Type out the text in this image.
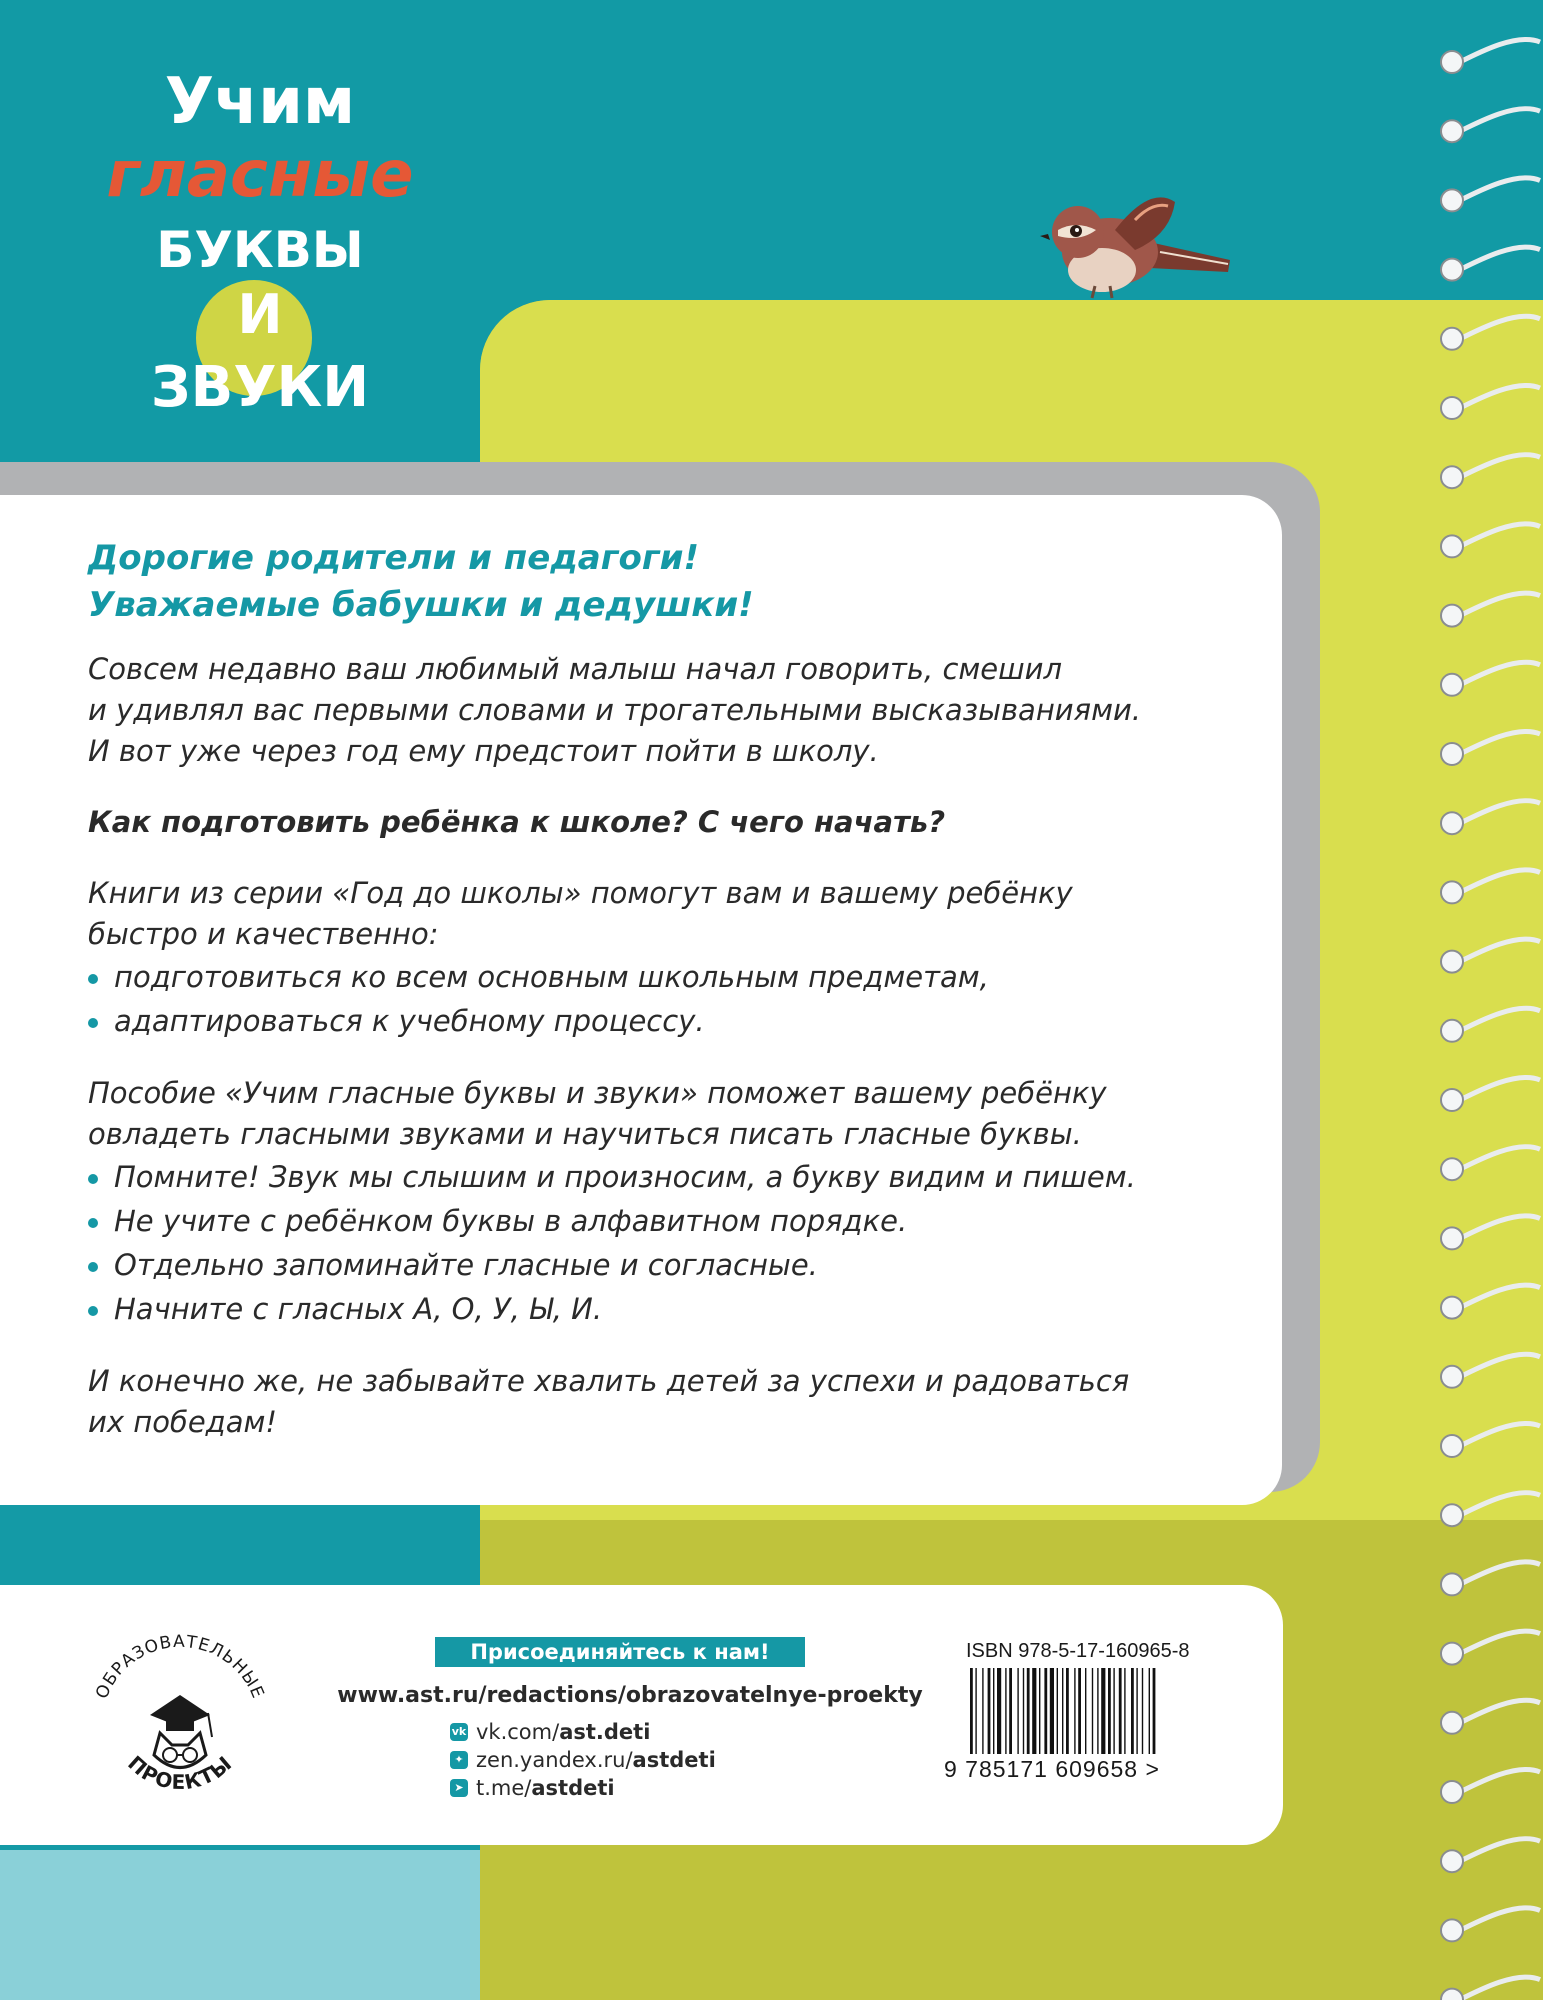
Учим
гласные
БУКВЫ
И
ЗВУКИ
Дорогие родители и педагоги!
Уважаемые бабушки и дедушки!
Совсем недавно ваш любимый малыш начал говорить, смешил
и удивлял вас первыми словами и трогательными высказываниями.
И вот уже через год ему предстоит пойти в школу.
Как подготовить ребёнка к школе? С чего начать?
Книги из серии «Год до школы» помогут вам и вашему ребёнку
быстро и качественно:
подготовиться ко всем основным школьным предметам,
адаптироваться к учебному процессу.
Пособие «Учим гласные буквы и звуки» поможет вашему ребёнку
овладеть гласными звуками и научиться писать гласные буквы.
Помните! Звук мы слышим и произносим, а букву видим и пишем.
Не учите с ребёнком буквы в алфавитном порядке.
Отдельно запоминайте гласные и согласные.
Начните с гласных А, О, У, Ы, И.
И конечно же, не забывайте хвалить детей за успехи и радоваться
их победам!
ОБРАЗОВАТЕЛЬНЫЕ
ПРОЕКТЫ
Присоединяйтесь к нам!
www.ast.ru/redactions/obrazovatelnye-proekty
vk vk.com/ ast.deti
✦ zen.yandex.ru/ astdeti
➤ t.me/ astdeti
ISBN 978-5-17-160965-8
9 785171 609658 >
